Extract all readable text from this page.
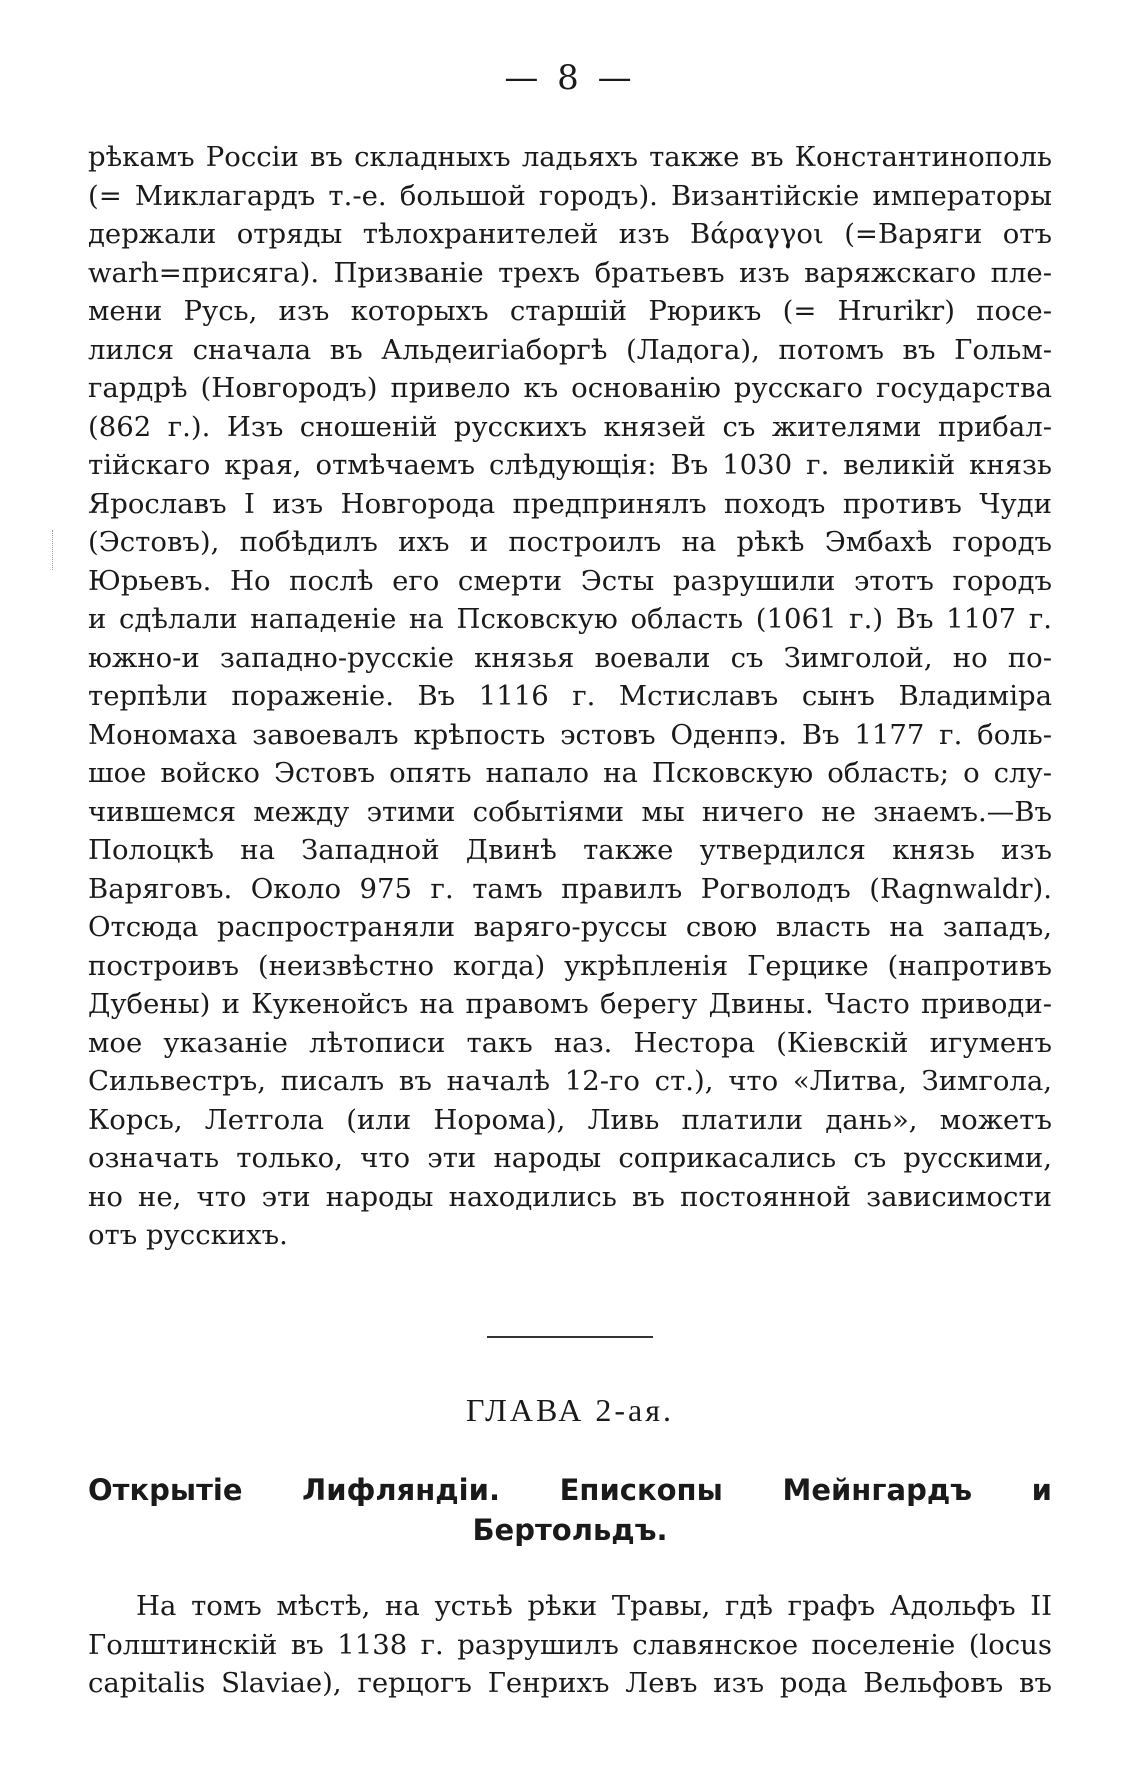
— 8 —
рѣкамъ Россіи въ складныхъ ладьяхъ также въ Константинополь
(= Миклагардъ т.-е. большой городъ). Византійскіе императоры
держали отряды тѣлохранителей изъ Βάραγγοι (=Варяги отъ
warh=присяга). Призваніе трехъ братьевъ изъ варяжскаго пле-
мени Русь, изъ которыхъ старшій Рюрикъ (= Hrurikr) посе-
лился сначала въ Альдеигіаборгѣ (Ладога), потомъ въ Гольм-
гардрѣ (Новгородъ) привело къ основанію русскаго государства
(862 г.). Изъ сношеній русскихъ князей съ жителями прибал-
тійскаго края, отмѣчаемъ слѣдующія: Въ 1030 г. великій князь
Ярославъ I изъ Новгорода предпринялъ походъ противъ Чуди
(Эстовъ), побѣдилъ ихъ и построилъ на рѣкѣ Эмбахѣ городъ
Юрьевъ. Но послѣ его смерти Эсты разрушили этотъ городъ
и сдѣлали нападеніе на Псковскую область (1061 г.) Въ 1107 г.
южно-и западно-русскіе князья воевали съ Зимголой, но по-
терпѣли пораженіе. Въ 1116 г. Мстиславъ сынъ Владиміра
Мономаха завоевалъ крѣпость эстовъ Оденпэ. Въ 1177 г. боль-
шое войско Эстовъ опять напало на Псковскую область; о слу-
чившемся между этими событіями мы ничего не знаемъ.—Въ
Полоцкѣ на Западной Двинѣ также утвердился князь изъ
Варяговъ. Около 975 г. тамъ правилъ Рогволодъ (Ragnwaldr).
Отсюда распространяли варяго-руссы свою власть на западъ,
построивъ (неизвѣстно когда) укрѣпленія Герцике (напротивъ
Дубены) и Кукенойсъ на правомъ берегу Двины. Часто приводи-
мое указаніе лѣтописи такъ наз. Нестора (Кіевскій игуменъ
Сильвестръ, писалъ въ началѣ 12-го ст.), что «Литва, Зимгола,
Корсь, Летгола (или Норома), Ливь платили дань», можетъ
означать только, что эти народы соприкасались съ русскими,
но не, что эти народы находились въ постоянной зависимости
отъ русскихъ.
ГЛАВА 2-ая.
Открытіе Лифляндіи. Епископы Мейнгардъ и
Бертольдъ.
На томъ мѣстѣ, на устьѣ рѣки Травы, гдѣ графъ Адольфъ II
Голштинскій въ 1138 г. разрушилъ славянское поселеніе (locus
capitalis Slaviae), герцогъ Генрихъ Левъ изъ рода Вельфовъ въ
